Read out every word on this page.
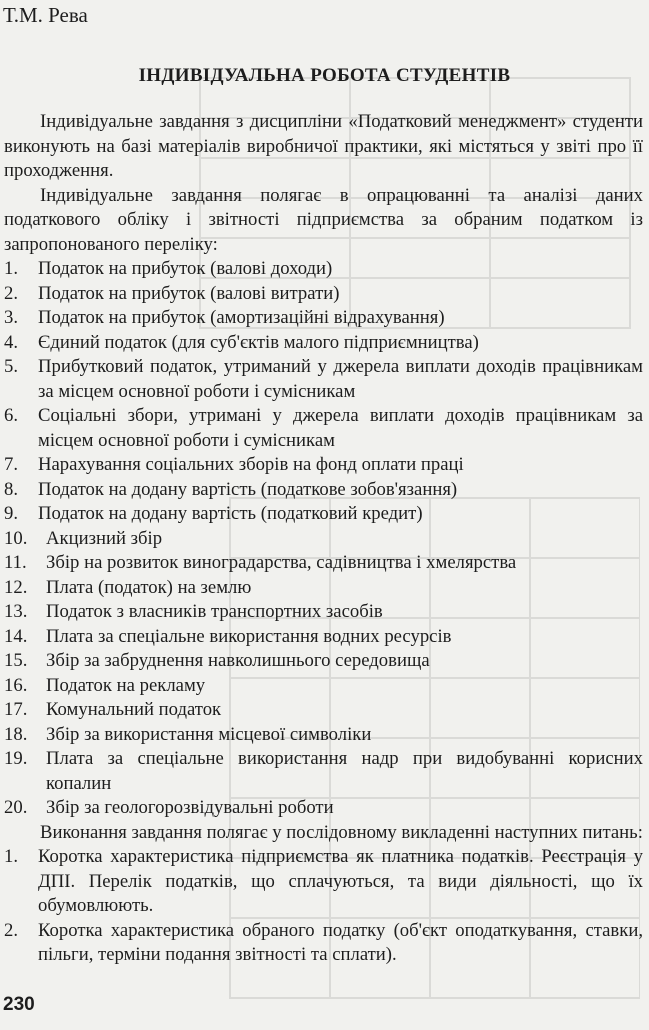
Т.М. Рева
ІНДИВІДУАЛЬНА РОБОТА СТУДЕНТІВ

Індивідуальне завдання з дисципліни «Податковий менеджмент» студенти виконують на базі матеріалів виробничої практики, які містяться у звіті про її проходження.

Індивідуальне завдання полягає в опрацюванні та аналізі даних податкового обліку і звітності підприємства за обраним податком із запропонованого переліку:

1.	Податок на прибуток (валові доходи)
2.	Податок на прибуток (валові витрати)
3.	Податок на прибуток (амортизаційні відрахування)
4.	Єдиний податок (для суб'єктів малого підприємництва)
5.	Прибутковий податок, утриманий у джерела виплати доходів працівникам за місцем основної роботи і сумісникам
6.	Соціальні збори, утримані у джерела виплати доходів працівникам за місцем основної роботи і сумісникам
7.	Нарахування соціальних зборів на фонд оплати праці
8.	Податок на додану вартість (податкове зобов'язання)
9.	Податок на додану вартість (податковий кредит)
10. Акцизний збір
11.	Збір на розвиток виноградарства, садівництва і хмелярства
12. Плата (податок) на землю
13. Податок з власників транспортних засобів
14. Плата за спеціальне використання водних ресурсів
15. Збір за забруднення навколишнього середовища
16. Податок на рекламу
17. Комунальний податок
18. Збір за використання місцевої символіки
19. Плата за спеціальне використання надр при видобуванні корисних копалин
20. Збір за геологорозвідувальні роботи

Виконання завдання полягає у послідовному викладенні наступних питань:

1.	Коротка характеристика підприємства як платника податків. Реєстрація у ДПІ. Перелік податків, що сплачуються, та види діяльності, що їх обумовлюють.
2.	Коротка характеристика обраного податку (об'єкт оподаткування, ставки, пільги, терміни подання звітності та сплати).
230
